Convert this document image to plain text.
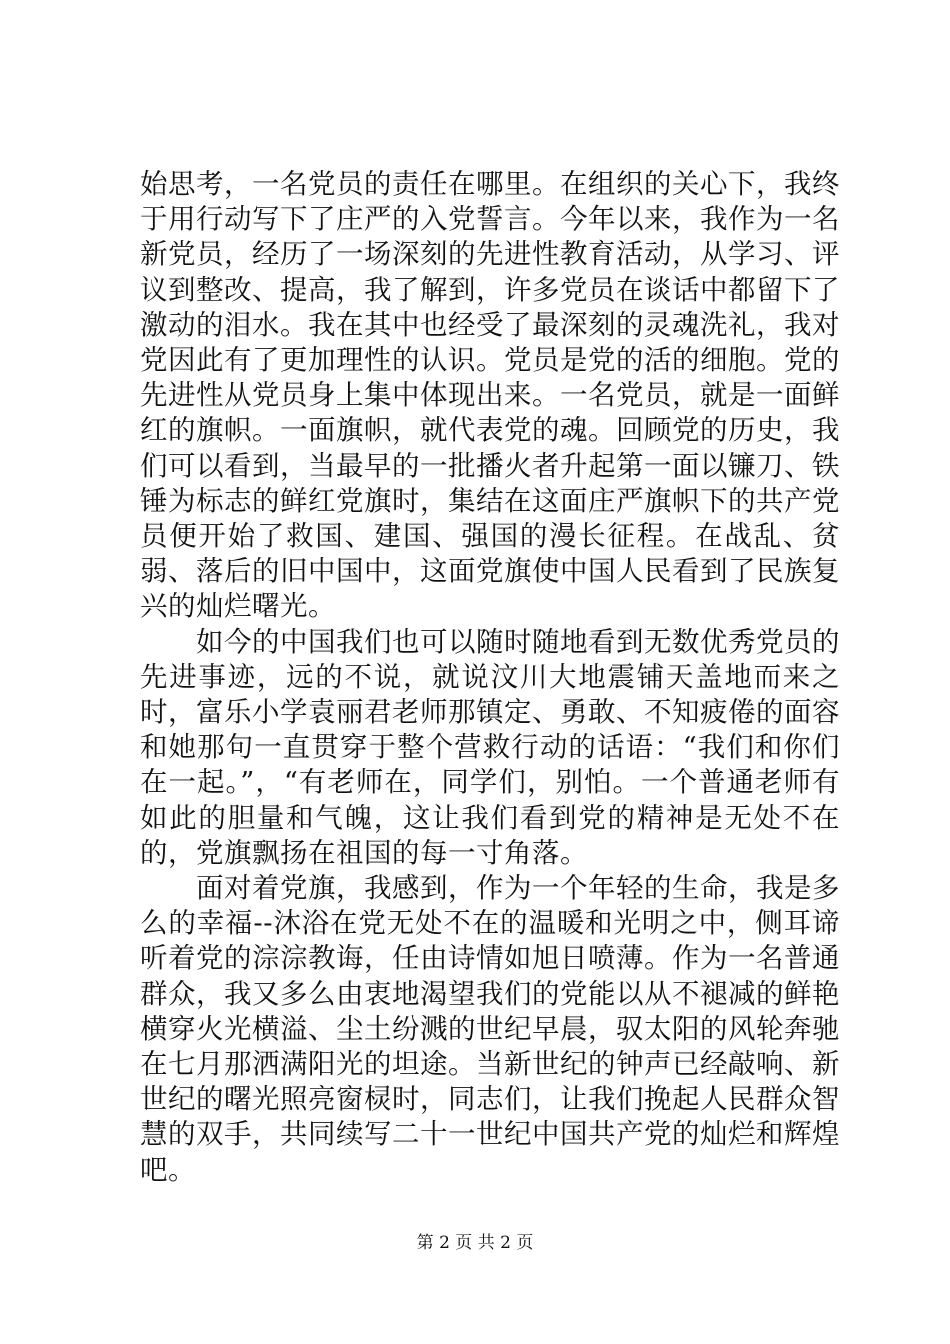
始思考，一名党员的责任在哪里。在组织的关心下，我终于用行动写下了庄严的入党誓言。今年以来，我作为一名新党员，经历了一场深刻的先进性教育活动，从学习、评议到整改、提高，我了解到，许多党员在谈话中都留下了激动的泪水。我在其中也经受了最深刻的灵魂洗礼，我对党因此有了更加理性的认识。党员是党的活的细胞。党的先进性从党员身上集中体现出来。一名党员，就是一面鲜红的旗帜。一面旗帜，就代表党的魂。回顾党的历史，我们可以看到，当最早的一批播火者升起第一面以镰刀、铁锤为标志的鲜红党旗时，集结在这面庄严旗帜下的共产党员便开始了救国、建国、强国的漫长征程。在战乱、贫弱、落后的旧中国中，这面党旗使中国人民看到了民族复兴的灿烂曙光。

如今的中国我们也可以随时随地看到无数优秀党员的先进事迹，远的不说，就说汶川大地震铺天盖地而来之时，富乐小学袁丽君老师那镇定、勇敢、不知疲倦的面容和她那句一直贯穿于整个营救行动的话语：“我们和你们在一起。”，“有老师在，同学们，别怕。一个普通老师有如此的胆量和气魄，这让我们看到党的精神是无处不在的，党旗飘扬在祖国的每一寸角落。

面对着党旗，我感到，作为一个年轻的生命，我是多么的幸福--沐浴在党无处不在的温暖和光明之中，侧耳谛听着党的淙淙教诲，任由诗情如旭日喷薄。作为一名普通群众，我又多么由衷地渴望我们的党能以从不褪减的鲜艳横穿火光横溢、尘土纷溅的世纪早晨，驭太阳的风轮奔驰在七月那洒满阳光的坦途。当新世纪的钟声已经敲响、新世纪的曙光照亮窗棂时，同志们，让我们挽起人民群众智慧的双手，共同续写二十一世纪中国共产党的灿烂和辉煌吧。

第 2 页 共 2 页
